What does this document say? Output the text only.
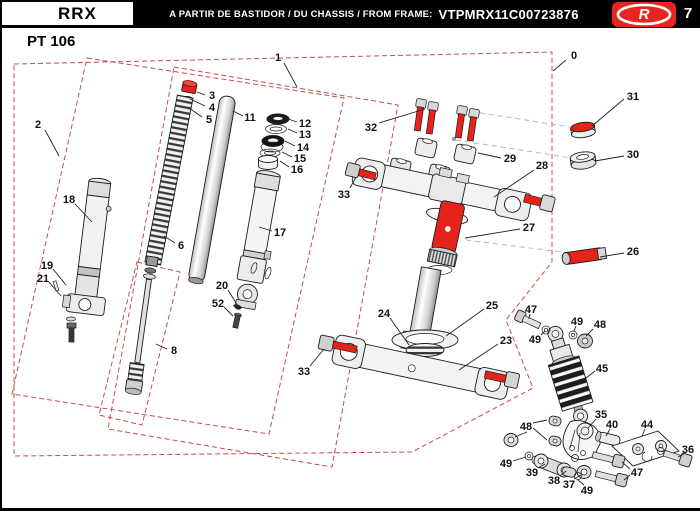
RRX	A PARTIR DE BASTIDOR / DU CHASSIS / FROM FRAME: VTPMRX11C00723876	R	7
PT 106
0
1
2
3
4
5
6
8
11	12
13
14
15
16
17
18
19
20
21
23
24
25
26
27
28
29	30
31
32
33
33
35
36
37
38
39
40 44
45
47
47
48
48
49
49
49
49
52
